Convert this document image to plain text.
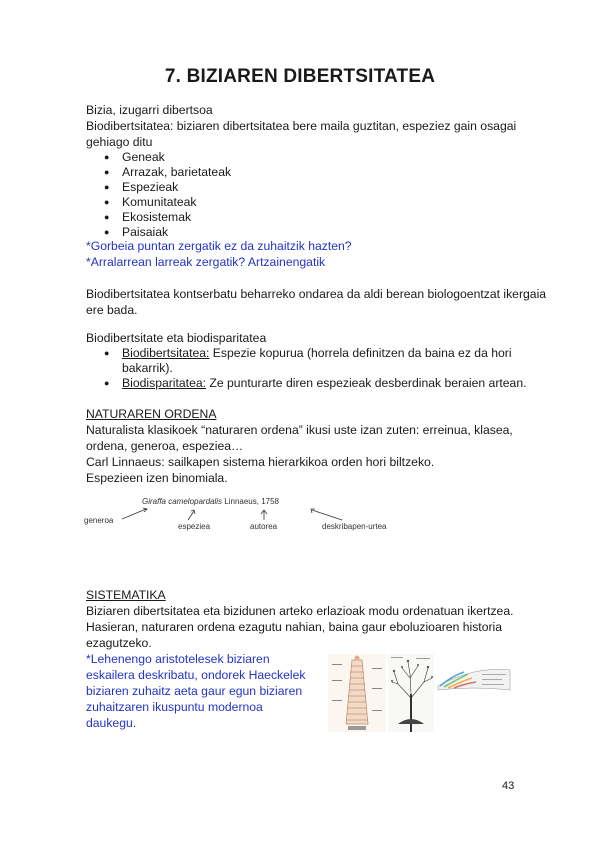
7. BIZIAREN DIBERTSITATEA

Bizia, izugarri dibertsoa

Biodibertsitatea: biziaren dibertsitatea bere maila guztitan, espeziez gain osagai gehiago ditu

● Geneak
● Arrazak, barietateak
● Espezieak
● Komunitateak
● Ekosistemak
● Paisaiak

*Gorbeia puntan zergatik ez da zuhaitzik hazten?

*Arralarrean larreak zergatik? Artzainengatik

Biodibertsitatea kontserbatu beharreko ondarea da aldi berean biologoentzat ikergaia ere bada.

Biodibertsitate eta biodisparitatea

● Biodibertsitatea: Espezie kopurua (horrela definitzen da baina ez da hori bakarrik).
● Biodisparitatea: Ze punturarte diren espezieak desberdinak beraien artean.

NATURAREN ORDENA

Naturalista klasikoek “naturaren ordena” ikusi uste izan zuten: erreinua, klasea, ordena, generoa, espeziea…

Carl Linnaeus: sailkapen sistema hierarkikoa orden hori biltzeko.

Espezieen izen binomiala.

Giraffa camelopardalis Linnaeus, 1758
generoa
espeziea	autorea	deskribapen-urtea

SISTEMATIKA

Biziaren dibertsitatea eta bizidunen arteko erlazioak modu ordenatuan ikertzea.

Hasieran, naturaren ordena ezagutu nahian, baina gaur eboluzioaren historia ezagutzeko.

*Lehenengo aristotelesek biziaren eskailera deskribatu, ondorek Haeckelek biziaren zuhaitz aeta gaur egun biziaren zuhaitzaren ikuspuntu modernoa daukegu.

43
